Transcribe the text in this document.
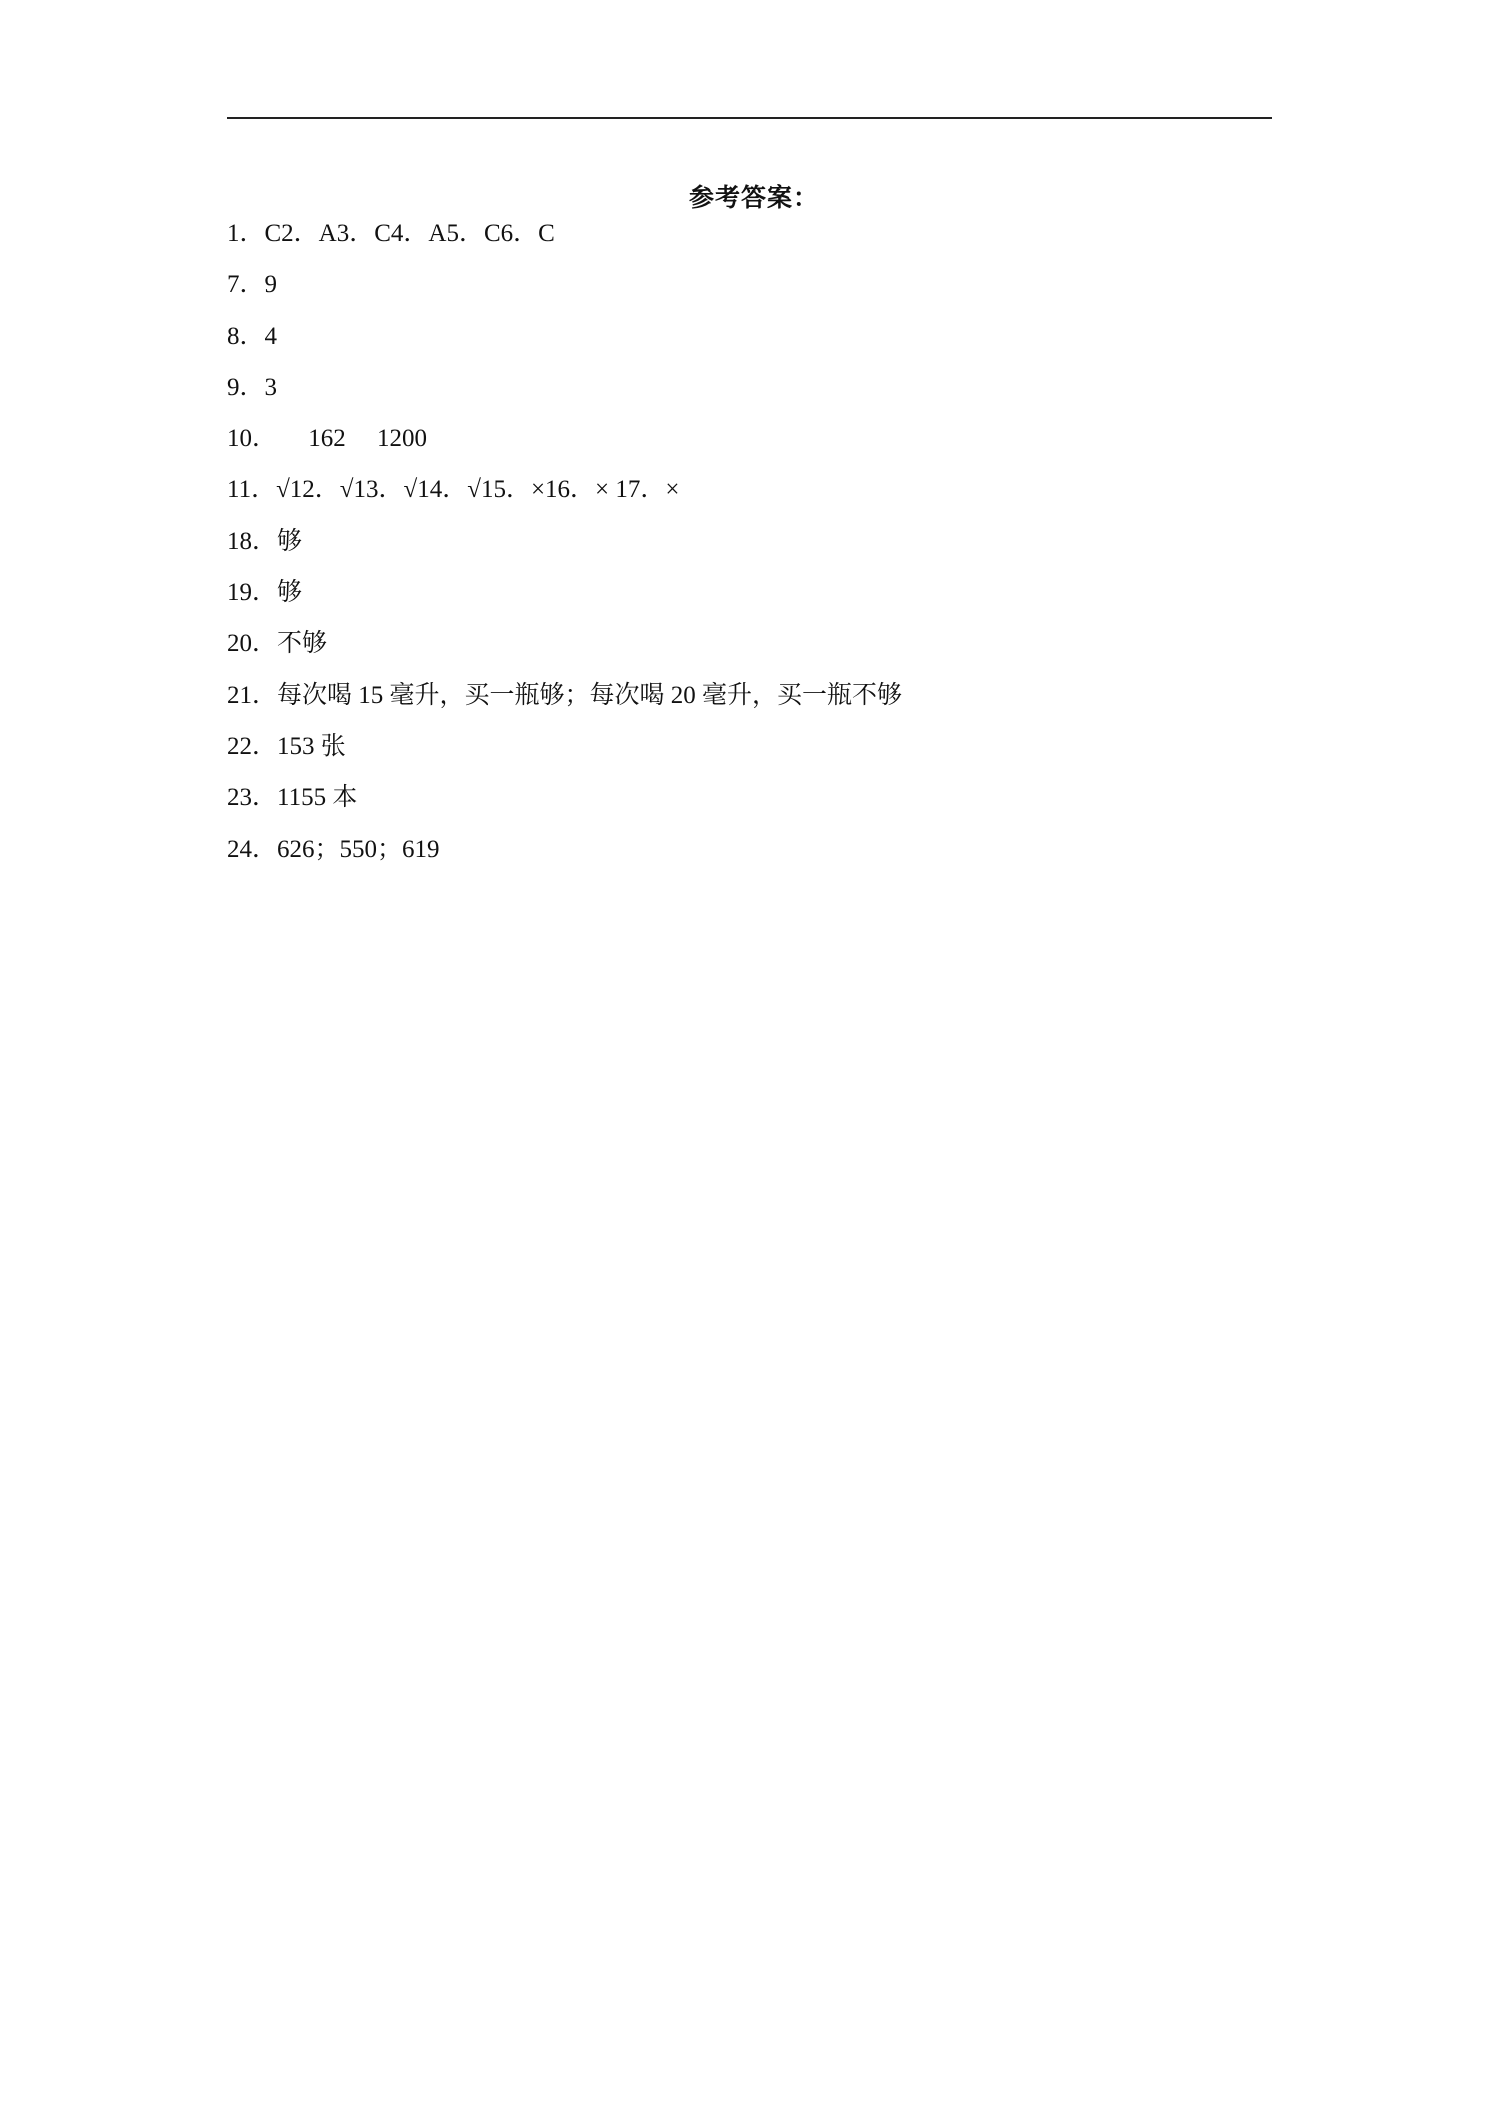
参考答案：
1．C2．A3．C4．A5．C6．C
7．9
8．4
9．3
10．     162     1200
11．√12．√13．√14．√15．×16．× 17．×
18．够
19．够
20．不够
21．每次喝 15 毫升，买一瓶够；每次喝 20 毫升，买一瓶不够
22．153 张
23．1155 本
24．626；550；619
